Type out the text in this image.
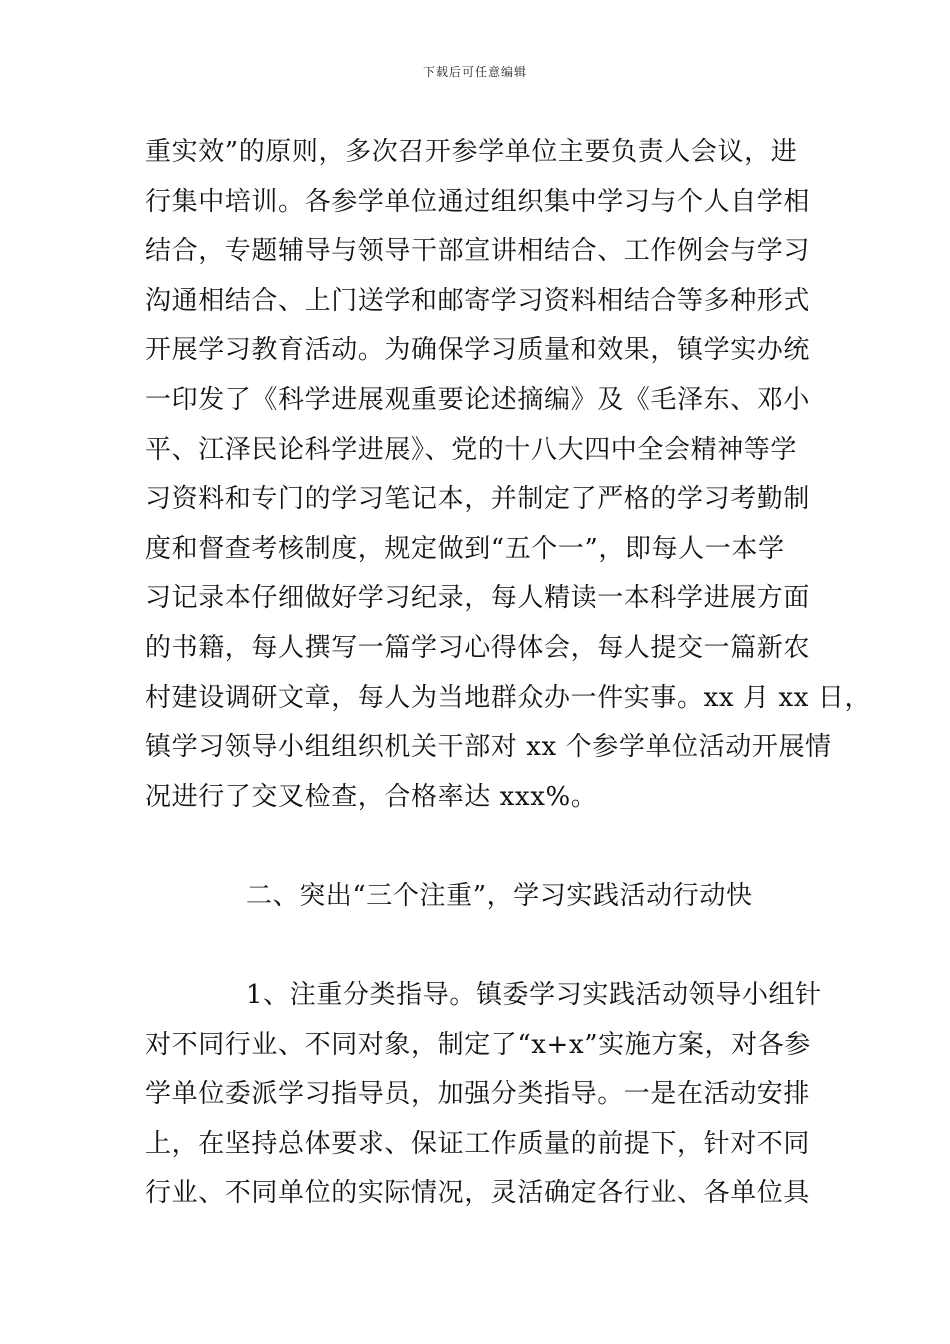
下载后可任意编辑
重实效”的原则，多次召开参学单位主要负责人会议，进
行集中培训。各参学单位通过组织集中学习与个人自学相
结合，专题辅导与领导干部宣讲相结合、工作例会与学习
沟通相结合、上门送学和邮寄学习资料相结合等多种形式
开展学习教育活动。为确保学习质量和效果，镇学实办统
一印发了《科学进展观重要论述摘编》及《毛泽东、邓小
平、江泽民论科学进展》、党的十八大四中全会精神等学
习资料和专门的学习笔记本，并制定了严格的学习考勤制
度和督查考核制度，规定做到“五个一”，即每人一本学
习记录本仔细做好学习纪录，每人精读一本科学进展方面
的书籍，每人撰写一篇学习心得体会，每人提交一篇新农
村建设调研文章，每人为当地群众办一件实事。xx 月 xx 日，
镇学习领导小组组织机关干部对 xx 个参学单位活动开展情
况进行了交叉检查，合格率达 xxx%。
二、突出“三个注重”，学习实践活动行动快
1、注重分类指导。镇委学习实践活动领导小组针
对不同行业、不同对象，制定了“x+x”实施方案，对各参
学单位委派学习指导员，加强分类指导。一是在活动安排
上，在坚持总体要求、保证工作质量的前提下，针对不同
行业、不同单位的实际情况，灵活确定各行业、各单位具
